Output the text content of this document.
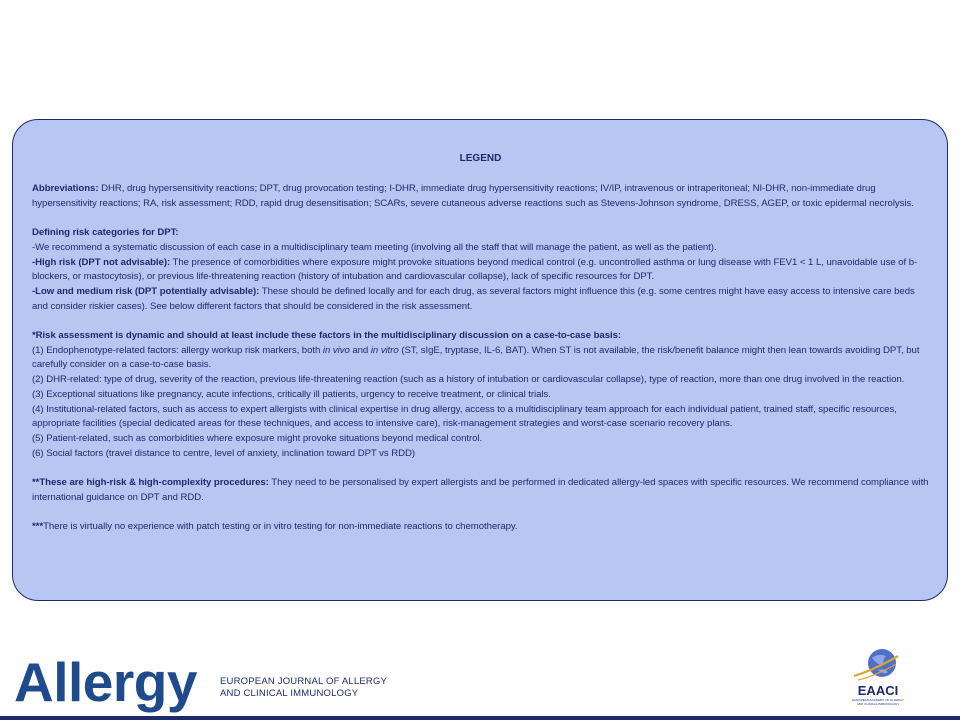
LEGEND

Abbreviations: DHR, drug hypersensitivity reactions; DPT, drug provocation testing; I-DHR, immediate drug hypersensitivity reactions; IV/IP, intravenous or intraperitoneal; NI-DHR, non-immediate drug hypersensitivity reactions; RA, risk assessment; RDD, rapid drug desensitisation; SCARs, severe cutaneous adverse reactions such as Stevens-Johnson syndrome, DRESS, AGEP, or toxic epidermal necrolysis.

Defining risk categories for DPT:

-We recommend a systematic discussion of each case in a multidisciplinary team meeting (involving all the staff that will manage the patient, as well as the patient).

-High risk (DPT not advisable): The presence of comorbidities where exposure might provoke situations beyond medical control (e.g. uncontrolled asthma or lung disease with FEV1 < 1 L, unavoidable use of b-blockers, or mastocytosis), or previous life-threatening reaction (history of intubation and cardiovascular collapse), lack of specific resources for DPT.

-Low and medium risk (DPT potentially advisable): These should be defined locally and for each drug, as several factors might influence this (e.g. some centres might have easy access to intensive care beds and consider riskier cases). See below different factors that should be considered in the risk assessment.

*Risk assessment is dynamic and should at least include these factors in the multidisciplinary discussion on a case-to-case basis:

(1) Endophenotype-related factors: allergy workup risk markers, both in vivo and in vitro (ST, sIgE, tryptase, IL-6, BAT). When ST is not available, the risk/benefit balance might then lean towards avoiding DPT, but carefully consider on a case-to-case basis.

(2) DHR-related: type of drug, severity of the reaction, previous life-threatening reaction (such as a history of intubation or cardiovascular collapse), type of reaction, more than one drug involved in the reaction.

(3) Exceptional situations like pregnancy, acute infections, critically ill patients, urgency to receive treatment, or clinical trials.

(4) Institutional-related factors, such as access to expert allergists with clinical expertise in drug allergy, access to a multidisciplinary team approach for each individual patient, trained staff, specific resources, appropriate facilities (special dedicated areas for these techniques, and access to intensive care), risk-management strategies and worst-case scenario recovery plans.

(5) Patient-related, such as comorbidities where exposure might provoke situations beyond medical control.

(6) Social factors (travel distance to centre, level of anxiety, inclination toward DPT vs RDD)

**These are high-risk & high-complexity procedures: They need to be personalised by expert allergists and be performed in dedicated allergy-led spaces with specific resources. We recommend compliance with international guidance on DPT and RDD.

***There is virtually no experience with patch testing or in vitro testing for non-immediate reactions to chemotherapy.

Allergy EUROPEAN JOURNAL OF ALLERGY
AND CLINICAL IMMUNOLOGY	EAACI
EUROPEAN ACADEMY OF ALLERGY
AND CLINICAL IMMUNOLOGY
